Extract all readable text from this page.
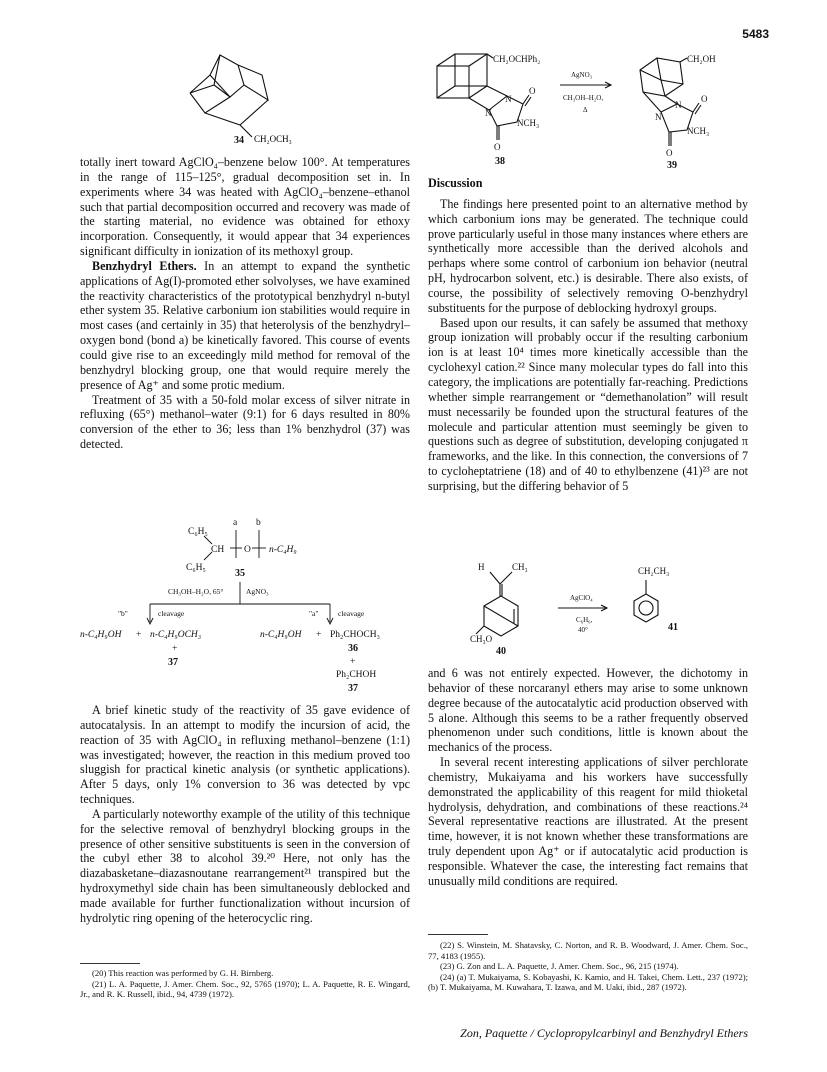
5483
CH₂OCH₃
34

totally inert toward AgClO₄–benzene below 100°. At temperatures in the range of 115–125°, gradual decomposition set in. In experiments where 34 was heated with AgClO₄–benzene–ethanol such that partial decomposition occurred and recovery was made of the starting material, no evidence was obtained for ethoxy incorporation. Consequently, it would appear that 34 experiences significant difficulty in ionization of its methoxyl group.

Benzhydryl Ethers. In an attempt to expand the synthetic applications of Ag(I)-promoted ether solvolyses, we have examined the reactivity characteristics of the prototypical benzhydryl n-butyl ether system 35. Relative carbonium ion stabilities would require in most cases (and certainly in 35) that heterolysis of the benzhydryl–oxygen bond (bond a) be kinetically favored. This course of events could give rise to an exceedingly mild method for removal of the benzhydryl blocking group, one that would require merely the presence of Ag⁺ and some protic medium.

Treatment of 35 with a 50-fold molar excess of silver nitrate in refluxing (65°) methanol–water (9:1) for 6 days resulted in 80% conversion of the ether to 36; less than 1% benzhydrol (37) was detected.

C₆H₅
C₆H₅
CH O n-C₄H₉
a b
35
CH₃OH–H₂O, 65°	AgNO₃
"b"	cleavage	"a"	cleavage
n-C₄H₉OH + n-C₄H₉OCH₃
+
37
n-C₄H₉OH + Ph₂CHOCH₃
36
+
Ph₂CHOH
37

A brief kinetic study of the reactivity of 35 gave evidence of autocatalysis. In an attempt to modify the incursion of acid, the reaction of 35 with AgClO₄ in refluxing methanol–benzene (1:1) was investigated; however, the reaction in this medium proved too sluggish for practical kinetic analysis (or synthetic applications). After 5 days, only 1% conversion to 36 was detected by vpc techniques.

A particularly noteworthy example of the utility of this technique for the selective removal of benzhydryl blocking groups in the presence of other sensitive substituents is seen in the conversion of the cubyl ether 38 to alcohol 39.²⁰ Here, not only has the diazabasketane–diazasnoutane rearrangement²¹ transpired but the hydroxymethyl side chain has been simultaneously deblocked and made available for further functionalization without incursion of hydrolytic ring opening of the heterocyclic ring.

(20) This reaction was performed by G. H. Birnberg.

(21) L. A. Paquette, J. Amer. Chem. Soc., 92, 5765 (1970); L. A. Paquette, R. E. Wingard, Jr., and R. K. Russell, ibid., 94, 4739 (1972).

CH₂OCHPh₂
N
N
NCH₃
O
O
38
AgNO₃
CH₃OH–H₂O,
Δ
CH₂OH
N
N
NCH₃
O
O
39

Discussion

The findings here presented point to an alternative method by which carbonium ions may be generated. The technique could prove particularly useful in those many instances where ethers are synthetically more accessible than the derived alcohols and perhaps where some control of carbonium ion behavior (neutral pH, hydrocarbon solvent, etc.) is desirable. There also exists, of course, the possibility of selectively removing O-benzhydryl substituents for the purpose of deblocking hydroxyl groups.

Based upon our results, it can safely be assumed that methoxy group ionization will probably occur if the resulting carbonium ion is at least 10⁴ times more kinetically accessible than the cyclohexyl cation.²² Since many molecular types do fall into this category, the implications are potentially far-reaching. Predictions whether simple rearrangement or “demethanolation” will result must necessarily be founded upon the structural features of the molecule and particular attention must seemingly be given to questions such as degree of substitution, developing conjugated π frameworks, and the like. In this connection, the conversions of 7 to cycloheptatriene (18) and of 40 to ethylbenzene (41)²³ are not surprising, but the differing behavior of 5

H	CH₃
CH₃O
40
AgClO₄
C₆H₆,
40°
CH₂CH₃
41

and 6 was not entirely expected. However, the dichotomy in behavior of these norcaranyl ethers may arise to some unknown degree because of the autocatalytic acid production observed with 5 alone. Although this seems to be a rather frequently observed phenomenon under such conditions, little is known about the mechanics of the process.

In several recent interesting applications of silver perchlorate chemistry, Mukaiyama and his workers have successfully demonstrated the applicability of this reagent for mild thioketal hydrolysis, dehydration, and combinations of these reactions.²⁴ Several representative reactions are illustrated. At the present time, however, it is not known whether these transformations are truly dependent upon Ag⁺ or if autocatalytic acid production is responsible. Whatever the case, the interesting fact remains that unusually mild conditions are required.

(22) S. Winstein, M. Shatavsky, C. Norton, and R. B. Woodward, J. Amer. Chem. Soc., 77, 4183 (1955).

(23) G. Zon and L. A. Paquette, J. Amer. Chem. Soc., 96, 215 (1974).

(24) (a) T. Mukaiyama, S. Kobayashi, K. Kamio, and H. Takei, Chem. Lett., 237 (1972); (b) T. Mukaiyama, M. Kuwahara, T. Izawa, and M. Uaki, ibid., 287 (1972).

Zon, Paquette / Cyclopropylcarbinyl and Benzhydryl Ethers
